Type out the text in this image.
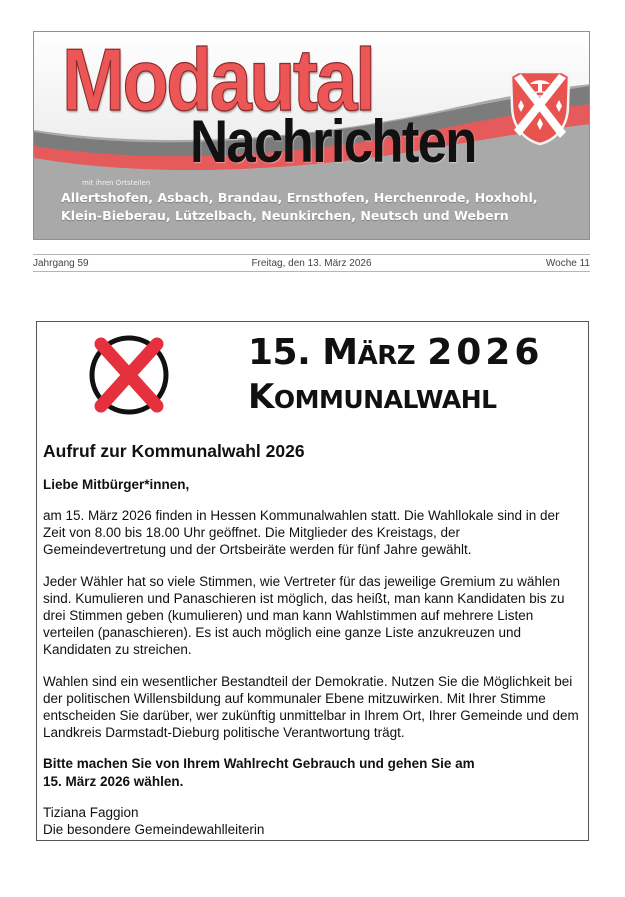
Modautal
Nachrichten
mit ihren Ortsteilen
Allertshofen, Asbach, Brandau, Ernsthofen, Herchenrode, Hoxhohl,
Klein-Bieberau, Lützelbach, Neunkirchen, Neutsch und Webern
Jahrgang 59	Freitag, den 13. März 2026	Woche 11
15. MÄRZ 2026
KOMMUNALWAHL
Aufruf zur Kommunalwahl 2026
Liebe Mitbürger*innen,

am 15. März 2026 finden in Hessen Kommunalwahlen statt. Die Wahllokale sind in der Zeit von 8.00 bis 18.00 Uhr geöffnet. Die Mitglieder des Kreistags, der Gemeindevertretung und der Ortsbeiräte werden für fünf Jahre gewählt.

Jeder Wähler hat so viele Stimmen, wie Vertreter für das jeweilige Gremium zu wählen sind. Kumulieren und Panaschieren ist möglich, das heißt, man kann Kandidaten bis zu drei Stimmen geben (kumulieren) und man kann Wahlstimmen auf mehrere Listen verteilen (panaschieren). Es ist auch möglich eine ganze Liste anzukreuzen und Kandidaten zu streichen.

Wahlen sind ein wesentlicher Bestandteil der Demokratie. Nutzen Sie die Möglichkeit bei der politischen Willensbildung auf kommunaler Ebene mitzuwirken. Mit Ihrer Stimme entscheiden Sie darüber, wer zukünftig unmittelbar in Ihrem Ort, Ihrer Gemeinde und dem Landkreis Darmstadt-Dieburg politische Verantwortung trägt.

Bitte machen Sie von Ihrem Wahlrecht Gebrauch und gehen Sie am
15. März 2026 wählen.

Tiziana Faggion
Die besondere Gemeindewahlleiterin
